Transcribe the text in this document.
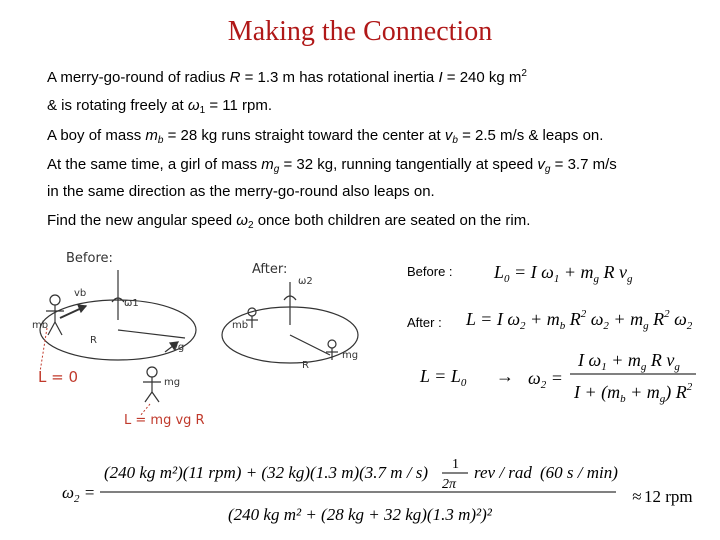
Making the Connection
A merry-go-round of radius R = 1.3 m has rotational inertia I = 240 kg $m^2$
& is rotating freely at $\omega_1 = 11$ rpm.
A boy of mass $m_b = 28$ kg runs straight toward the center at $v_b = 2.5$ m/s & leaps on.
At the same time, a girl of mass $m_g = 32$ kg, running tangentially at speed $v_g = 3.7$ m/s
in the same direction as the merry-go-round also leaps on.
Find the new angular speed $\omega_2$ once both children are seated on the rim.
Before :
After :
Before:
mb
vb
ω1
R
vg
mg
L = 0
L = mg vg R
After:
mb
ω2
R
mg
$L_0 = I$ $\omega_1 + m_g$ R $v_g$
L = I $\omega_2 + m_b$ $R^2$ $\omega_2 + m_g$ $R^2$ $\omega_2$
$L = L_0 \to \omega_2$ =
I $\omega_1 + m_g$ R $v_g$
$I + (m_b + m_g)$ $R^2$
$\omega_2$ =
(240 kg m²)(11 rpm) + (32 kg)(1.3 m)(3.7 m / s) 1
2π
rev / rad (60 s / min)
(240 kg m² + (28 kg + 32 kg)(1.3 m)²)²
≈ 12 rpm
